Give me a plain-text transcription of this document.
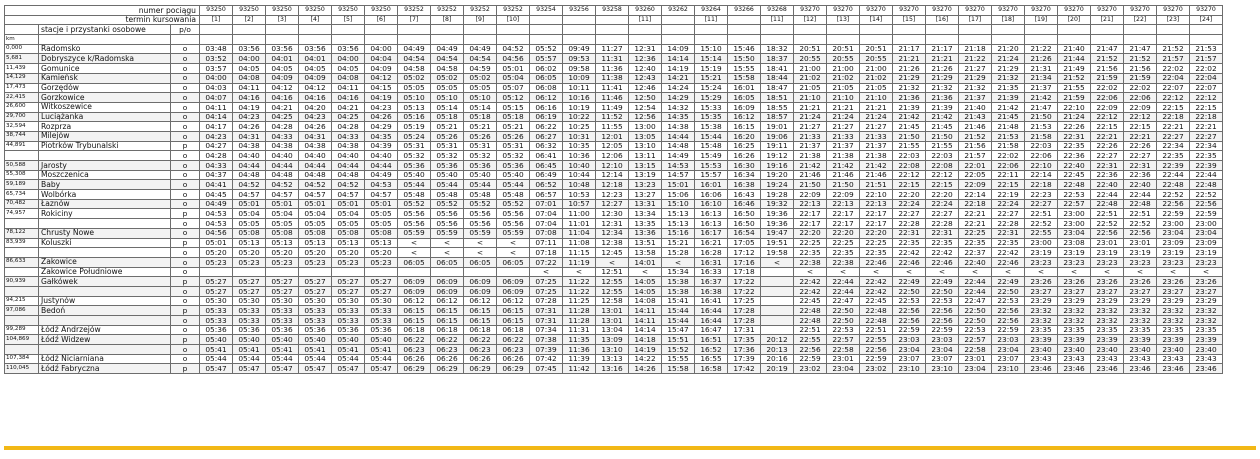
numer pociągu			93250	93250	93250	93250	93250	93250	93252	93252	93252	93252	93254	93256	93258	93260	93262	93264	93266	93268	93270	93270	93270	93270	93270	93270	93270	93270	93270	93270	93270	93270	93270
termin kursowania			[1]	[2]	[3]	[4]	[5]	[6]	[7]	[8]	[9]	[10]				[11]		[11]		[11]	[12]	[13]	[14]	[15]	[16]	[17]	[18]	[19]	[20]	[21]	[22]	[23]	[24]
	stacje i przystanki osobowe	p/o																															
km																																	
0,000	Radomsko	o	03:48	03:56	03:56	03:56	03:56	04:00	04:49	04:49	04:49	04:52	05:52	09:49	11:27	12:31	14:09	15:10	15:46	18:32	20:51	20:51	20:51	21:17	21:17	21:18	21:20	21:22	21:40	21:47	21:47	21:52	21:53
5,681	Dobryszyce k/Radomska	o	03:52	04:00	04:01	04:01	04:00	04:04	04:54	04:54	04:54	04:56	05:57	09:53	11:31	12:36	14:14	15:14	15:50	18:37	20:55	20:55	20:55	21:21	21:21	21:22	21:24	21:26	21:44	21:52	21:52	21:57	21:57
11,439	Gomunice	o	03:57	04:05	04:05	04:05	04:05	04:09	04:58	04:58	04:59	05:01	06:02	09:58	11:36	12:40	14:19	15:19	15:55	18:41	21:00	21:00	21:00	21:26	21:26	21:27	21:29	21:31	21:49	21:56	21:56	22:02	22:02
14,129	Kamieńsk	o	04:00	04:08	04:09	04:09	04:08	04:12	05:02	05:02	05:02	05:04	06:05	10:09	11:38	12:43	14:21	15:21	15:58	18:44	21:02	21:02	21:02	21:29	21:29	21:29	21:32	21:34	21:52	21:59	21:59	22:04	22:04
17,473	Gorzędów	o	04:03	04:11	04:12	04:12	04:11	04:15	05:05	05:05	05:05	05:07	06:08	10:11	11:41	12:46	14:24	15:24	16:01	18:47	21:05	21:05	21:05	21:32	21:32	21:32	21:35	21:37	21:55	22:02	22:02	22:07	22:07
22,415	Gorzkowice	o	04:07	04:16	04:16	04:16	04:16	04:19	05:10	05:10	05:10	05:12	06:12	10:16	11:46	12:50	14:29	15:29	16:05	18:51	21:10	21:10	21:10	21:36	21:36	21:37	21:39	21:42	21:59	22:06	22:06	22:12	22:12
26,600	Witkoszewice	o	04:11	04:19	04:21	04:20	04:21	04:23	05:13	05:14	05:14	05:15	06:16	10:19	11:49	12:54	14:32	15:33	16:09	18:55	21:21	21:21	21:21	21:39	21:39	21:40	21:42	21:47	22:10	22:09	22:09	22:15	22:15
29,700	Luciążanka	o	04:14	04:23	04:25	04:23	04:25	04:26	05:16	05:18	05:18	05:18	06:19	10:22	11:52	12:56	14:35	15:35	16:12	18:57	21:24	21:24	21:24	21:42	21:42	21:43	21:45	21:50	21:24	22:12	22:12	22:18	22:18
32,594	Rozprza	o	04:17	04:26	04:28	04:26	04:28	04:29	05:19	05:21	05:21	05:21	06:22	10:25	11:55	13:00	14:38	15:38	16:15	19:01	21:27	21:27	21:27	21:45	21:45	21:46	21:48	21:53	22:26	22:15	22:15	22:21	22:21
38,744	Milejów	o	04:23	04:31	04:33	04:31	04:33	04:35	05:24	05:26	05:26	05:26	06:27	10:31	12:01	13:05	14:44	15:44	16:20	19:06	21:33	21:33	21:33	21:50	21:50	21:52	21:53	21:58	22:31	22:21	22:21	22:27	22:27
44,891	Piotrków Trybunalski	p	04:27	04:38	04:38	04:38	04:38	04:39	05:31	05:31	05:31	05:31	06:32	10:35	12:05	13:10	14:48	15:48	16:25	19:11	21:37	21:37	21:37	21:55	21:55	21:56	21:58	22:03	22:35	22:26	22:26	22:34	22:34
		o	04:28	04:40	04:40	04:40	04:40	04:40	05:32	05:32	05:32	05:32	06:41	10:36	12:06	13:11	14:49	15:49	16:26	19:12	21:38	21:38	21:38	22:03	22:03	21:57	22:02	22:06	22:36	22:27	22:27	22:35	22:35
50,588	Jarosty	o	04:33	04:44	04:44	04:44	04:44	04:44	05:36	05:36	05:36	05:36	06:45	10:40	12:10	13:15	14:53	15:53	16:30	19:16	21:42	21:42	21:42	22:08	22:08	22:01	22:06	22:10	22:40	22:31	22:31	22:39	22:39
55,308	Moszczenica	o	04:37	04:48	04:48	04:48	04:48	04:49	05:40	05:40	05:40	05:40	06:49	10:44	12:14	13:19	14:57	15:57	16:34	19:20	21:46	21:46	21:46	22:12	22:12	22:05	22:11	22:14	22:45	22:36	22:36	22:44	22:44
59,189	Baby	o	04:41	04:52	04:52	04:52	04:52	04:53	05:44	05:44	05:44	05:44	06:52	10:48	12:18	13:23	15:01	16:01	16:38	19:24	21:50	21:50	21:51	22:15	22:15	22:09	22:15	22:18	22:48	22:40	22:40	22:48	22:48
65,734	Wolbórka	o	04:45	04:57	04:57	04:57	04:57	04:57	05:48	05:48	05:48	05:48	06:57	10:53	12:23	13:27	15:06	16:06	16:43	19:28	22:09	22:09	22:10	22:20	22:20	22:14	22:19	22:23	22:53	22:44	22:44	22:52	22:52
70,482	Łaznów	o	04:49	05:01	05:01	05:01	05:01	05:01	05:52	05:52	05:52	05:52	07:01	10:57	12:27	13:31	15:10	16:10	16:46	19:32	22:13	22:13	22:13	22:24	22:24	22:18	22:24	22:27	22:57	22:48	22:48	22:56	22:56
74,957	Rokiciny	p	04:53	05:04	05:04	05:04	05:04	05:05	05:56	05:56	05:56	05:56	07:04	11:00	12:30	13:34	15:13	16:13	16:50	19:36	22:17	22:17	22:17	22:27	22:27	22:21	22:27	22:51	23:00	22:51	22:51	22:59	22:59
		o	04:53	05:05	05:05	05:05	05:05	05:05	05:56	05:56	05:56	05:56	07:04	11:01	12:31	13:35	15:13	16:13	16:50	19:36	22:17	22:17	22:17	22:28	22:28	22:21	22:28	22:52	23:00	22:52	22:52	23:00	23:00
78,122	Chrusty Nowe	o	04:56	05:08	05:08	05:08	05:08	05:08	05:59	05:59	05:59	05:59	07:08	11:04	12:34	13:36	15:16	16:17	16:54	19:47	22:20	22:20	22:20	22:31	22:31	22:25	22:31	22:55	23:04	22:56	22:56	23:04	23:04
83,939	Koluszki	p	05:01	05:13	05:13	05:13	05:13	05:13	<	<	<	<	07:11	11:08	12:38	13:51	15:21	16:21	17:05	19:51	22:25	22:25	22:25	22:35	22:35	22:35	22:35	23:00	23:08	23:01	23:01	23:09	23:09
		o	05:20	05:20	05:20	05:20	05:20	05:20	<	<	<	<	07:18	11:15	12:45	13:58	15:28	16:28	17:12	19:58	22:35	22:35	22:35	22:42	22:42	22:37	22:42	23:19	23:19	23:19	23:19	23:19	23:19
86,633	Żakowice	o	05:23	05:23	05:23	05:23	05:23	05:23	06:05	06:05	06:05	06:05	07:22	11:19	<	14:01	<	16:31	17:16	<	22:38	22:38	22:46	22:46	22:46	22:40	22:46	23:23	23:23	23:23	23:23	23:23	23:23
	Żakowice Południowe	o											<	<	12:51	<	15:34	16:33	17:18		<	<	<	<	<	<	<	<	<	<	<	<	<
90,939	Gałkówek	p	05:27	05:27	05:27	05:27	05:27	05:27	06:09	06:09	06:09	06:09	07:25	11:22	12:55	14:05	15:38	16:37	17:22		22:42	22:44	22:42	22:49	22:49	22:44	22:49	23:26	23:26	23:26	23:26	23:26	23:26
		o	05:27	05:27	05:27	05:27	05:27	05:27	06:09	06:09	06:09	06:09	07:25	11:22	12:55	14:05	15:38	16:38	17:22		22:42	22:44	22:42	22:50	22:50	22:44	22:50	23:27	23:27	23:27	23:27	23:27	23:27
94,215	Justynów	o	05:30	05:30	05:30	05:30	05:30	05:30	06:12	06:12	06:12	06:12	07:28	11:25	12:58	14:08	15:41	16:41	17:25		22:45	22:47	22:45	22:53	22:53	22:47	22:53	23:29	23:29	23:29	23:29	23:29	23:29
97,086	Bedoń	p	05:33	05:33	05:33	05:33	05:33	05:33	06:15	06:15	06:15	06:15	07:31	11:28	13:01	14:11	15:44	16:44	17:28		22:48	22:50	22:48	22:56	22:56	22:50	22:56	23:32	23:32	23:32	23:32	23:32	23:32
		o	05:33	05:33	05:33	05:33	05:33	05:33	06:15	06:15	06:15	06:15	07:31	11:28	13:01	14:11	15:44	16:44	17:28		22:48	22:50	22:48	22:56	22:56	22:50	22:56	23:32	23:32	23:32	23:32	23:32	23:32
99,289	Łódź Andrzejów	o	05:36	05:36	05:36	05:36	05:36	05:36	06:18	06:18	06:18	06:18	07:34	11:31	13:04	14:14	15:47	16:47	17:31		22:51	22:53	22:51	22:59	22:59	22:53	22:59	23:35	23:35	23:35	23:35	23:35	23:35
104,869	Łódź Widzew	p	05:40	05:40	05:40	05:40	05:40	05:40	06:22	06:22	06:22	06:22	07:38	11:35	13:09	14:18	15:51	16:51	17:35	20:12	22:55	22:57	22:55	23:03	23:03	22:57	23:03	23:39	23:39	23:39	23:39	23:39	23:39
		o	05:41	05:41	05:41	05:41	05:41	05:41	06:23	06:23	06:23	06:23	07:39	11:36	13:10	14:19	15:52	16:52	17:36	20:13	22:56	22:58	22:56	23:04	23:04	22:58	23:04	23:40	23:40	23:40	23:40	23:40	23:40
107,384	Łódź Niciarniana	o	05:44	05:44	05:44	05:44	05:44	05:44	06:26	06:26	06:26	06:26	07:42	11:39	13:13	14:22	15:55	16:55	17:39	20:16	22:59	23:01	22:59	23:07	23:07	23:01	23:07	23:43	23:43	23:43	23:43	23:43	23:43
110,045	Łódź Fabryczna	p	05:47	05:47	05:47	05:47	05:47	05:47	06:29	06:29	06:29	06:29	07:45	11:42	13:16	14:26	15:58	16:58	17:42	20:19	23:02	23:04	23:02	23:10	23:10	23:04	23:10	23:46	23:46	23:46	23:46	23:46	23:46
